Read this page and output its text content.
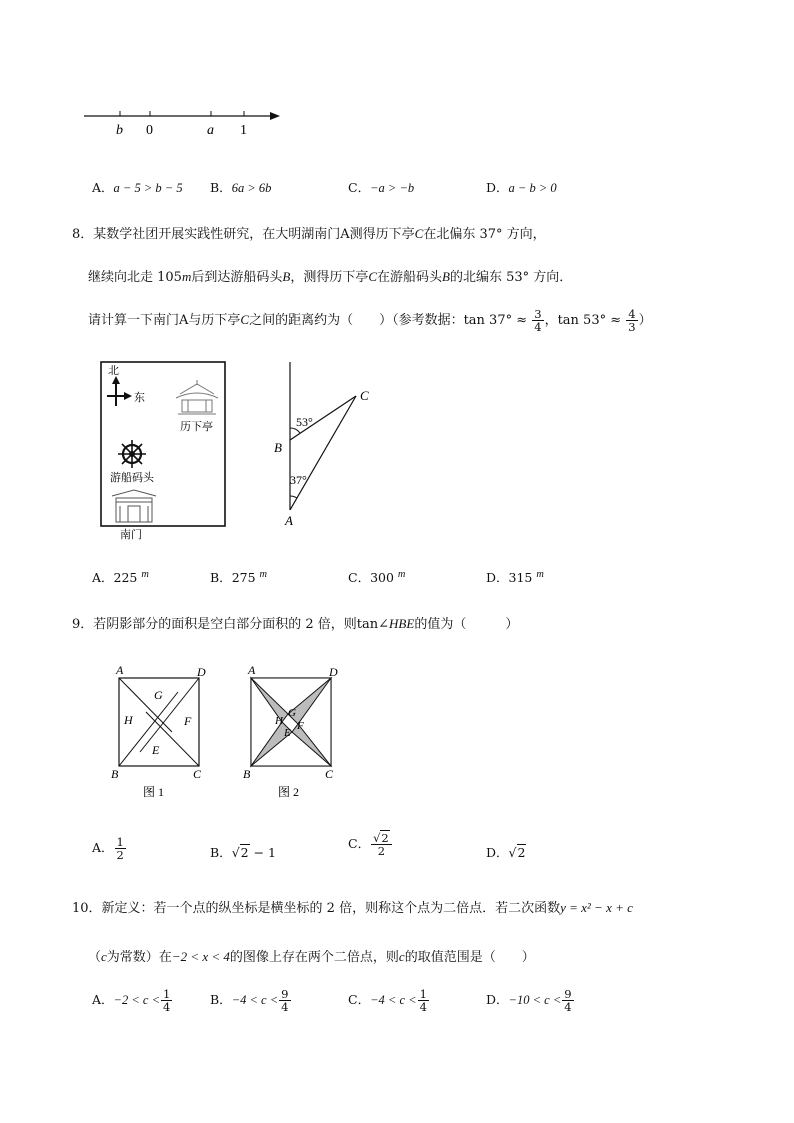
b 0	a 1
A．a − 5 > b − 5 B．6a > 6b	C．−a > −b	D．a − b > 0
8．某数学社团开展实践性研究，在大明湖南门A测得历下亭C在北偏东 37° 方向，
继续向北走 105m后到达游船码头B，测得历下亭C在游船码头B的北编东 53° 方向．
请计算一下南门A与历下亭C之间的距离约为（　　）（参考数据：$\tan 37^\circ \approx \frac{3}{4}$ ，$\tan 53^\circ \approx \frac{4}{3}$ ）
北
东
历下亭
游船码头
南门
53°
37°
B
C
A
A．225 $^m$	B．275 $^m$	C．300 $^m$	D．315 $^m$
9．若阴影部分的面积是空白部分面积的 2 倍，则tan∠HBE的值为（　　　）
A	D
B	C
G
H	F
E
图 1
A	D
B	C
G
H F
E
图 2
A． $\frac{1}{2}$	B．√2 − 1
C． $\frac{√2}{2}$	D．√2
10．新定义：若一个点的纵坐标是横坐标的 2 倍，则称这个点为二倍点．若二次函数y = x² − x + c
（c为常数）在−2 < x < 4的图像上存在两个二倍点，则c的取值范围是（　　）
A．$-2 < c < \frac{1}{4}$	B．$-4 < c < \frac{9}{4}$	C．$-4 < c < \frac{1}{4}$	D．$-10 < c < \frac{9}{4}$
